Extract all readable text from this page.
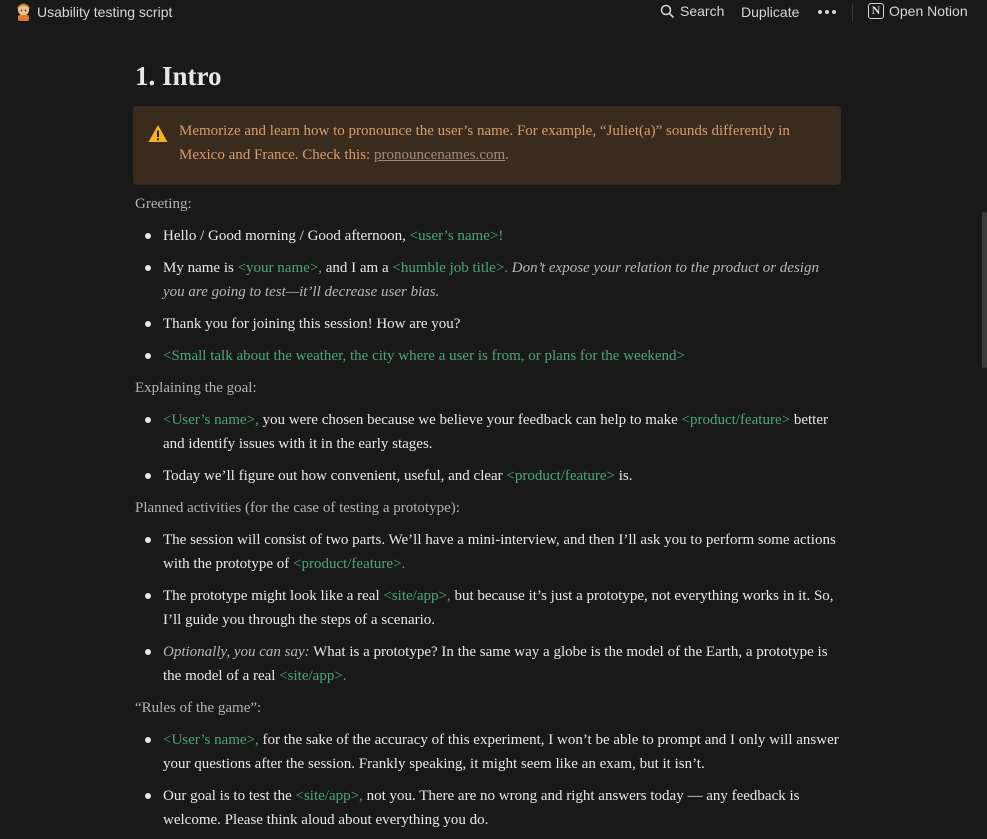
Usability testing script	Search Duplicate	N Open Notion
1. Intro
Memorize and learn how to pronounce the user’s name. For example, “Juliet(a)” sounds differently in Mexico and France. Check this: pronouncenames.com.
Greeting:
Hello / Good morning / Good afternoon, <user’s name>!
My name is <your name>, and I am a <humble job title>. Don’t expose your relation to the product or design you are going to test—it’ll decrease user bias.
Thank you for joining this session! How are you?
<Small talk about the weather, the city where a user is from, or plans for the weekend>
Explaining the goal:
<User’s name>, you were chosen because we believe your feedback can help to make <product/feature> better and identify issues with it in the early stages.
Today we’ll figure out how convenient, useful, and clear <product/feature> is.
Planned activities (for the case of testing a prototype):
The session will consist of two parts. We’ll have a mini-interview, and then I’ll ask you to perform some actions with the prototype of <product/feature>.
The prototype might look like a real <site/app>, but because it’s just a prototype, not everything works in it. So, I’ll guide you through the steps of a scenario.
Optionally, you can say: What is a prototype? In the same way a globe is the model of the Earth, a prototype is the model of a real <site/app>.
“Rules of the game”:
<User’s name>, for the sake of the accuracy of this experiment, I won’t be able to prompt and I only will answer your questions after the session. Frankly speaking, it might seem like an exam, but it isn’t.
Our goal is to test the <site/app>, not you. There are no wrong and right answers today — any feedback is welcome. Please think aloud about everything you do.
